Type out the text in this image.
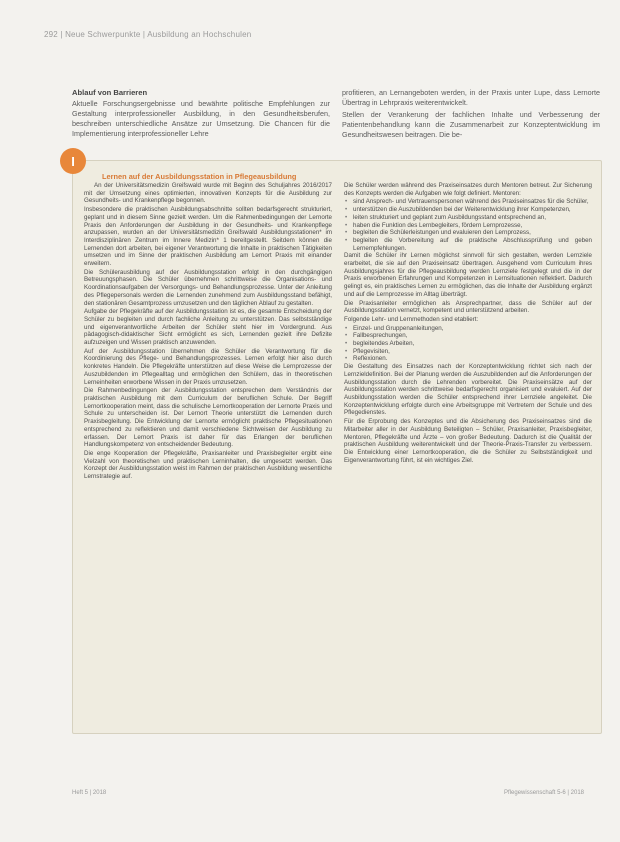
292 | Neue Schwerpunkte | Ausbildung an Hochschulen
Ablauf von Barrieren

Aktuelle Forschungsergebnisse und bewährte politische Empfehlungen zur Gestaltung interprofessioneller Ausbildung, in den Gesundheitsberufen, beschreiben unterschiedliche Ansätze zur Umsetzung. Die Chancen für die Implementierung interprofessioneller Lehre

profitieren, an Lernangeboten werden, in der Praxis unter Lupe, dass Lernorte Übertrag in Lehrpraxis weiterentwickelt.

Stellen der Verankerung der fachlichen Inhalte und Verbesserung der Patientenbehandlung kann die Zusammenarbeit zur Konzeptentwicklung im Gesundheitswesen beitragen. Die be-

I
Lernen auf der Ausbildungsstation in Pflegeausbildung

An der Universitätsmedizin Greifswald wurde mit Beginn des Schuljahres 2016/2017 mit der Umsetzung eines optimierten, innovativen Konzepts für die Ausbildung zur Gesundheits- und Krankenpflege begonnen.

Insbesondere die praktischen Ausbildungsabschnitte sollten bedarfsgerecht strukturiert, geplant und in diesem Sinne gezielt werden. Um die Rahmenbedingungen der Lernorte Praxis den Anforderungen der Ausbildung in der Gesundheits- und Krankenpflege anzupassen, wurden an der Universitätsmedizin Greifswald Ausbildungsstationen* im Interdisziplinären Zentrum im Innere Medizin* 1 bereitgestellt. Seitdem können die Lernenden dort arbeiten, bei eigener Verantwortung die Inhalte in praktischen Tätigkeiten umsetzen und im Sinne der praktischen Ausbildung am Lernort Praxis mit einander erweitern.

Die Schülerausbildung auf der Ausbildungsstation erfolgt in den durchgängigen Betreuungsphasen. Die Schüler übernehmen schrittweise die Organisations- und Koordinationsaufgaben der Versorgungs- und Behandlungsprozesse. Unter der Anleitung des Pflegepersonals werden die Lernenden zunehmend zum Ausbildungsstand befähigt, den stationären Gesamtprozess umzusetzen und den täglichen Ablauf zu gestalten.

Aufgabe der Pflegekräfte auf der Ausbildungsstation ist es, die gesamte Entscheidung der Schüler zu begleiten und durch fachliche Anleitung zu unterstützen. Das selbstständige und eigenverantwortliche Arbeiten der Schüler steht hier im Vordergrund. Aus pädagogisch-didaktischer Sicht ermöglicht es sich, Lernenden gezielt ihre Defizite aufzuzeigen und Wissen praktisch anzuwenden.

Auf der Ausbildungsstation übernehmen die Schüler die Verantwortung für die Koordinierung des Pflege- und Behandlungsprozesses. Lernen erfolgt hier also durch konkretes Handeln. Die Pflegekräfte unterstützen auf diese Weise die Lernprozesse der Auszubildenden im Pflegealltag und ermöglichen den Schülern, das in theoretischen Lerneinheiten erworbene Wissen in der Praxis umzusetzen.

Die Rahmenbedingungen der Ausbildungsstation entsprechen dem Verständnis der praktischen Ausbildung mit dem Curriculum der beruflichen Schule. Der Begriff Lernortkooperation meint, dass die schulische Lernortkooperation der Lernorte Praxis und Schule zu unterscheiden ist. Der Lernort Theorie unterstützt die Lernenden durch Praxisbegleitung. Die Entwicklung der Lernorte ermöglicht praktische Pflegesituationen entsprechend zu reflektieren und damit verschiedene Sichtweisen der Ausbildung zu erfassen. Der Lernort Praxis ist daher für das Erlangen der beruflichen Handlungskompetenz von entscheidender Bedeutung.

Die enge Kooperation der Pflegekräfte, Praxisanleiter und Praxisbegleiter ergibt eine Vielzahl von theoretischen und praktischen Lerninhalten, die umgesetzt werden. Das Konzept der Ausbildungsstation weist im Rahmen der praktischen Ausbildung wesentliche Lernstrategie auf.

Die Schüler werden während des Praxiseinsatzes durch Mentoren betreut. Zur Sicherung des Konzepts werden die Aufgaben wie folgt definiert. Mentoren:

• sind Ansprech- und Vertrauenspersonen während des Praxiseinsatzes für die Schüler,
• unterstützen die Auszubildenden bei der Weiterentwicklung ihrer Kompetenzen,
• leiten strukturiert und geplant zum Ausbildungsstand entsprechend an,
• haben die Funktion des Lernbegleiters, fördern Lernprozesse,
• begleiten die Schülerleistungen und evaluieren den Lernprozess,
• begleiten die Vorbereitung auf die praktische Abschlussprüfung und geben Lernempfehlungen.

Damit die Schüler ihr Lernen möglichst sinnvoll für sich gestalten, werden Lernziele erarbeitet, die sie auf den Praxiseinsatz übertragen. Ausgehend vom Curriculum ihres Ausbildungsjahres für die Pflegeausbildung werden Lernziele festgelegt und die in der Praxis erworbenen Erfahrungen und Kompetenzen in Lernsituationen reflektiert. Dadurch gelingt es, ein praktisches Lernen zu ermöglichen, das die Inhalte der Ausbildung ergänzt und auf die Lernprozesse im Alltag überträgt.

Die Praxisanleiter ermöglichen als Ansprechpartner, dass die Schüler auf der Ausbildungsstation vernetzt, kompetent und unterstützend arbeiten.

Folgende Lehr- und Lernmethoden sind etabliert:

• Einzel- und Gruppenanleitungen,
• Fallbesprechungen,
• begleitendes Arbeiten,
• Pflegevisiten,
• Reflexionen.

Die Gestaltung des Einsatzes nach der Konzeptentwicklung richtet sich nach der Lernzieldefinition. Bei der Planung werden die Auszubildenden auf die Anforderungen der Ausbildungsstation durch die Lehrenden vorbereitet. Die Praxiseinsätze auf der Ausbildungsstation werden schrittweise bedarfsgerecht organisiert und evaluiert. Auf der Ausbildungsstation werden die Schüler entsprechend ihrer Lernziele angeleitet. Die Konzeptentwicklung erfolgte durch eine Arbeitsgruppe mit Vertretern der Schule und des Pflegedienstes.

Für die Erprobung des Konzeptes und die Absicherung des Praxiseinsatzes sind die Mitarbeiter aller in der Ausbildung Beteiligten – Schüler, Praxisanleiter, Praxisbegleiter, Mentoren, Pflegekräfte und Ärzte – von großer Bedeutung. Dadurch ist die Qualität der praktischen Ausbildung weiterentwickelt und der Theorie-Praxis-Transfer zu verbessern. Die Entwicklung einer Lernortkooperation, die die Schüler zu Selbstständigkeit und Eigenverantwortung führt, ist ein wichtiges Ziel.

Heft 5 | 2018	Pflegewissenschaft 5-6 | 2018
